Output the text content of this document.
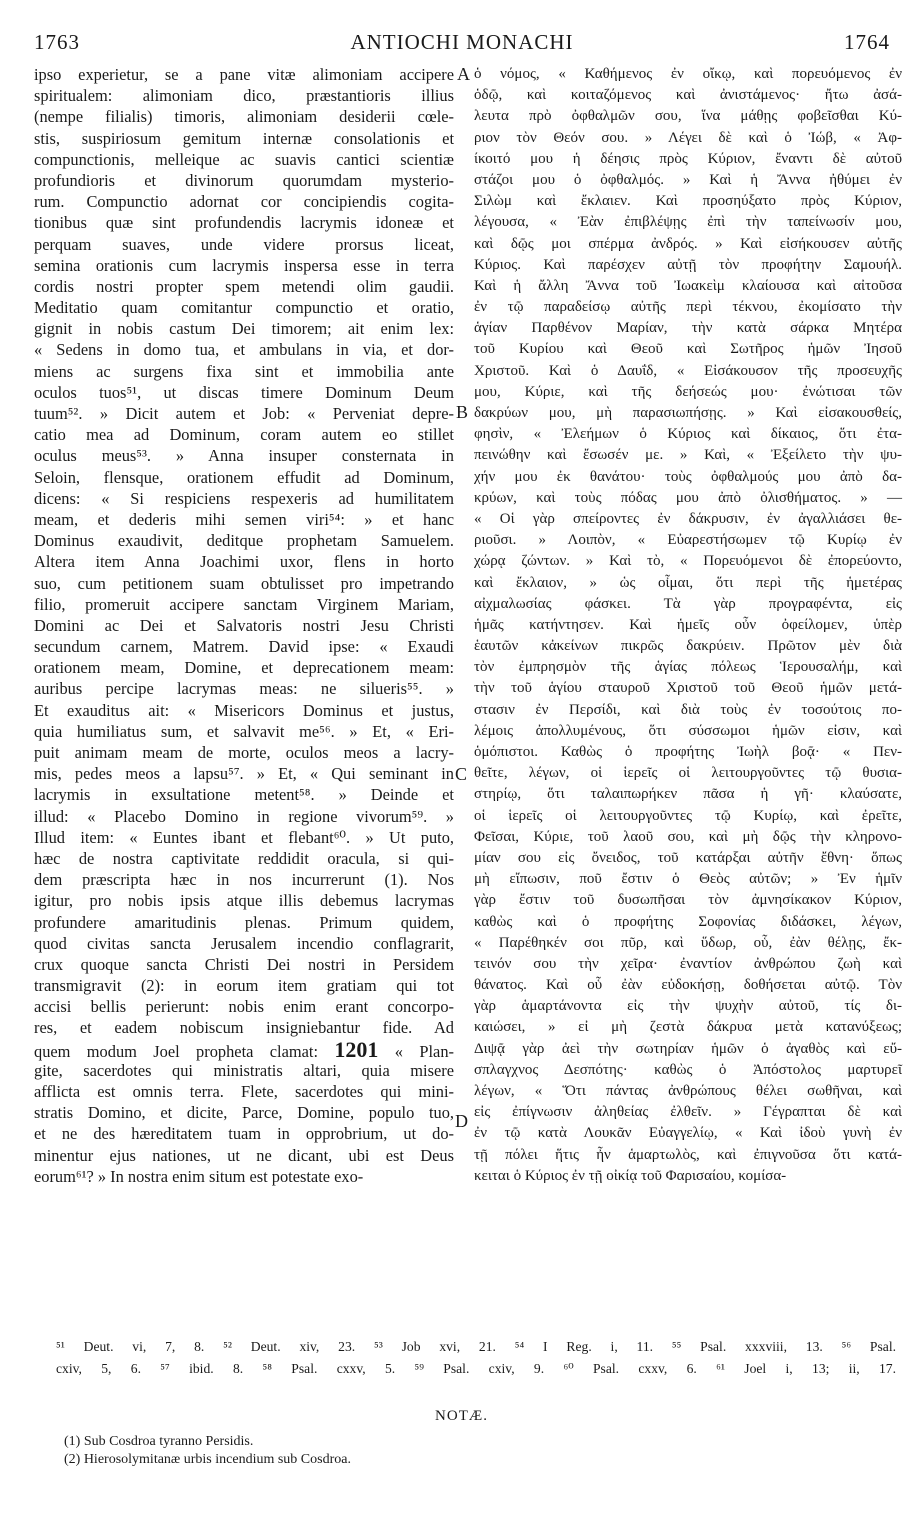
1763	ANTIOCHI MONACHI	1764
ipso experietur, se a pane vitæ alimoniam accipere
spiritualem: alimoniam dico, præstantioris illius
(nempe filialis) timoris, alimoniam desiderii cœle-
stis, suspiriosum gemitum internæ consolationis et
compunctionis, melleique ac suavis cantici scientiæ
profundioris et divinorum quorumdam mysterio-
rum. Compunctio adornat cor concipiendis cogita-
tionibus quæ sint profundendis lacrymis idoneæ et
perquam suaves, unde videre prorsus liceat,
semina orationis cum lacrymis inspersa esse in terra
cordis nostri propter spem metendi olim gaudii.
Meditatio quam comitantur compunctio et oratio,
gignit in nobis castum Dei timorem; ait enim lex:
« Sedens in domo tua, et ambulans in via, et dor-
miens ac surgens fixa sint et immobilia ante
oculos tuos⁵¹, ut discas timere Dominum Deum
tuum⁵². » Dicit autem et Job: « Perveniat depre-
catio mea ad Dominum, coram autem eo stillet
oculus meus⁵³. » Anna insuper consternata in
Seloin, flensque, orationem effudit ad Dominum,
dicens: « Si respiciens respexeris ad humilitatem
meam, et dederis mihi semen viri⁵⁴: » et hanc
Dominus exaudivit, deditque prophetam Samuelem.
Altera item Anna Joachimi uxor, flens in horto
suo, cum petitionem suam obtulisset pro impetrando
filio, promeruit accipere sanctam Virginem Mariam,
Domini ac Dei et Salvatoris nostri Jesu Christi
secundum carnem, Matrem. David ipse: « Exaudi
orationem meam, Domine, et deprecationem meam:
auribus percipe lacrymas meas: ne silueris⁵⁵. »
Et exauditus ait: « Misericors Dominus et justus,
quia humiliatus sum, et salvavit me⁵⁶. » Et, « Eri-
puit animam meam de morte, oculos meos a lacry-
mis, pedes meos a lapsu⁵⁷. » Et, « Qui seminant in
lacrymis in exsultatione metent⁵⁸. » Deinde et
illud: « Placebo Domino in regione vivorum⁵⁹. »
Illud item: « Euntes ibant et flebant⁶⁰. » Ut puto,
hæc de nostra captivitate reddidit oracula, si qui-
dem præscripta hæc in nos incurrerunt (1). Nos
igitur, pro nobis ipsis atque illis debemus lacrymas
profundere amaritudinis plenas. Primum quidem,
quod civitas sancta Jerusalem incendio conflagrarit,
crux quoque sancta Christi Dei nostri in Persidem
transmigravit (2): in eorum item gratiam qui tot
accisi bellis perierunt: nobis enim erant concorpo-
res, et eadem nobiscum insigniebantur fide. Ad
quem modum Joel propheta clamat: 1201 « Plan-
gite, sacerdotes qui ministratis altari, quia misere
afflicta est omnis terra. Flete, sacerdotes qui mini-
stratis Domino, et dicite, Parce, Domine, populo tuo,
et ne des hæreditatem tuam in opprobrium, ut do-
minentur ejus nationes, ut ne dicant, ubi est Deus
eorum⁶¹? » In nostra enim situm est potestate exo-
ὁ νόμος, « Καθήμενος ἐν οἴκῳ, καὶ πορευόμενος ἐν
ὁδῷ, καὶ κοιταζόμενος καὶ ἀνιστάμενος· ἤτω ἀσά-
λευτα πρὸ ὀφθαλμῶν σου, ἵνα μάθῃς φοβεῖσθαι Κύ-
ριον τὸν Θεόν σου. » Λέγει δὲ καὶ ὁ Ἰώβ, « Ἀφ-
ίκοιτό μου ἡ δέησις πρὸς Κύριον, ἔναντι δὲ αὐτοῦ
στάζοι μου ὁ ὀφθαλμός. » Καὶ ἡ Ἄννα ἠθύμει ἐν
Σιλὼμ καὶ ἔκλαιεν. Καὶ προσηύξατο πρὸς Κύριον,
λέγουσα, « Ἐὰν ἐπιβλέψῃς ἐπὶ τὴν ταπείνωσίν μου,
καὶ δῷς μοι σπέρμα ἀνδρός. » Καὶ εἰσήκουσεν αὐτῆς
Κύριος. Καὶ παρέσχεν αὐτῇ τὸν προφήτην Σαμουήλ.
Καὶ ἡ ἄλλη Ἄννα τοῦ Ἰωακεὶμ κλαίουσα καὶ αἰτοῦσα
ἐν τῷ παραδείσῳ αὐτῆς περὶ τέκνου, ἐκομίσατο τὴν
ἁγίαν Παρθένον Μαρίαν, τὴν κατὰ σάρκα Μητέρα
τοῦ Κυρίου καὶ Θεοῦ καὶ Σωτῆρος ἡμῶν Ἰησοῦ
Χριστοῦ. Καὶ ὁ Δαυΐδ, « Εἰσάκουσον τῆς προσευχῆς
μου, Κύριε, καὶ τῆς δεήσεώς μου· ἐνώτισαι τῶν
δακρύων μου, μὴ παρασιωπήσῃς. » Καὶ εἰσακουσθείς,
φησὶν, « Ἐλεήμων ὁ Κύριος καὶ δίκαιος, ὅτι ἐτα-
πεινώθην καὶ ἔσωσέν με. » Καὶ, « Ἐξείλετο τὴν ψυ-
χήν μου ἐκ θανάτου· τοὺς ὀφθαλμούς μου ἀπὸ δα-
κρύων, καὶ τοὺς πόδας μου ἀπὸ ὀλισθήματος. » —
« Οἱ γὰρ σπείροντες ἐν δάκρυσιν, ἐν ἀγαλλιάσει θε-
ριοῦσι. » Λοιπὸν, « Εὐαρεστήσωμεν τῷ Κυρίῳ ἐν
χώρᾳ ζώντων. » Καὶ τὸ, « Πορευόμενοι δὲ ἐπορεύοντο,
καὶ ἔκλαιον, » ὡς οἶμαι, ὅτι περὶ τῆς ἡμετέρας
αἰχμαλωσίας φάσκει. Τὰ γὰρ προγραφέντα, εἰς
ἡμᾶς κατήντησεν. Καὶ ἡμεῖς οὖν ὀφείλομεν, ὑπὲρ
ἑαυτῶν κἀκείνων πικρῶς δακρύειν. Πρῶτον μὲν διὰ
τὸν ἐμπρησμὸν τῆς ἁγίας πόλεως Ἱερουσαλήμ, καὶ
τὴν τοῦ ἁγίου σταυροῦ Χριστοῦ τοῦ Θεοῦ ἡμῶν μετά-
στασιν ἐν Περσίδι, καὶ διὰ τοὺς ἐν τοσούτοις πο-
λέμοις ἀπολλυμένους, ὅτι σύσσωμοι ἡμῶν εἰσιν, καὶ
ὁμόπιστοι. Καθὼς ὁ προφήτης Ἰωὴλ βοᾷ· « Πεν-
θεῖτε, λέγων, οἱ ἱερεῖς οἱ λειτουργοῦντες τῷ θυσια-
στηρίῳ, ὅτι ταλαιπωρήκεν πᾶσα ἡ γῆ· κλαύσατε,
οἱ ἱερεῖς οἱ λειτουργοῦντες τῷ Κυρίῳ, καὶ ἐρεῖτε,
Φεῖσαι, Κύριε, τοῦ λαοῦ σου, καὶ μὴ δῷς τὴν κληρονο-
μίαν σου εἰς ὄνειδος, τοῦ κατάρξαι αὐτῆν ἔθνη· ὅπως
μὴ εἴπωσιν, ποῦ ἔστιν ὁ Θεὸς αὐτῶν; » Ἐν ἡμῖν
γὰρ ἔστιν τοῦ δυσωπῆσαι τὸν ἀμνησίκακον Κύριον,
καθὼς καὶ ὁ προφήτης Σοφονίας διδάσκει, λέγων,
« Παρέθηκέν σοι πῦρ, καὶ ὕδωρ, οὗ, ἐὰν θέλῃς, ἔκ-
τεινόν σου τὴν χεῖρα· ἐναντίον ἀνθρώπου ζωὴ καὶ
θάνατος. Καὶ οὗ ἐὰν εὐδοκήσῃ, δοθήσεται αὐτῷ. Τὸν
γὰρ ἁμαρτάνοντα εἰς τὴν ψυχὴν αὐτοῦ, τίς δι-
καιώσει, » εἰ μὴ ζεστὰ δάκρυα μετὰ κατανύξεως;
Διψᾷ γὰρ ἀεὶ τὴν σωτηρίαν ἡμῶν ὁ ἀγαθὸς καὶ εὔ-
σπλαγχνος Δεσπότης· καθὼς ὁ Ἀπόστολος μαρτυρεῖ
λέγων, « Ὅτι πάντας ἀνθρώπους θέλει σωθῆναι, καὶ
εἰς ἐπίγνωσιν ἀληθείας ἐλθεῖν. » Γέγραπται δὲ καὶ
ἐν τῷ κατὰ Λουκᾶν Εὐαγγελίῳ, « Καὶ ἰδοὺ γυνὴ ἐν
τῇ πόλει ἥτις ἦν ἁμαρτωλὸς, καὶ ἐπιγνοῦσα ὅτι κατά-
κειται ὁ Κύριος ἐν τῇ οἰκίᾳ τοῦ Φαρισαίου, κομίσα-
A
B
C
D
⁵¹ Deut. vi, 7, 8. ⁵² Deut. xiv, 23. ⁵³ Job xvi, 21. ⁵⁴ I Reg. i, 11. ⁵⁵ Psal. xxxviii, 13. ⁵⁶ Psal.
cxiv, 5, 6. ⁵⁷ ibid. 8. ⁵⁸ Psal. cxxv, 5. ⁵⁹ Psal. cxiv, 9. ⁶⁰ Psal. cxxv, 6. ⁶¹ Joel i, 13; ii, 17.
NOTÆ.
(1) Sub Cosdroa tyranno Persidis.
(2) Hierosolymitanæ urbis incendium sub Cosdroa.
